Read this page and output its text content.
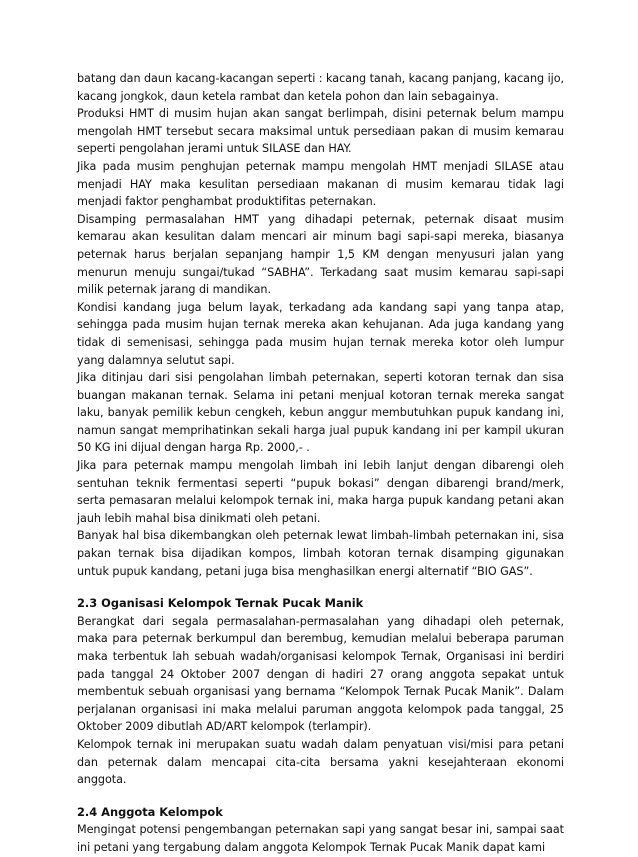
batang dan daun kacang-kacangan seperti : kacang tanah, kacang panjang, kacang ijo, kacang jongkok, daun ketela rambat dan ketela pohon dan lain sebagainya.

Produksi HMT di musim hujan akan sangat berlimpah, disini peternak belum mampu mengolah HMT tersebut secara maksimal untuk persediaan pakan di musim kemarau seperti pengolahan jerami untuk SILASE dan HAY.

Jika pada musim penghujan peternak mampu mengolah HMT menjadi SILASE atau menjadi HAY maka kesulitan persediaan makanan di musim kemarau tidak lagi menjadi faktor penghambat produktifitas peternakan.

Disamping permasalahan HMT yang dihadapi peternak, peternak disaat musim kemarau akan kesulitan dalam mencari air minum bagi sapi-sapi mereka, biasanya peternak harus berjalan sepanjang hampir 1,5 KM dengan menyusuri jalan yang menurun menuju sungai/tukad “SABHA”. Terkadang saat musim kemarau sapi-sapi milik peternak jarang di mandikan.

Kondisi kandang juga belum layak, terkadang ada kandang sapi yang tanpa atap, sehingga pada musim hujan ternak mereka akan kehujanan. Ada juga kandang yang tidak di semenisasi, sehingga pada musim hujan ternak mereka kotor oleh lumpur yang dalamnya selutut sapi.

Jika ditinjau dari sisi pengolahan limbah peternakan, seperti kotoran ternak dan sisa buangan makanan ternak. Selama ini petani menjual kotoran ternak mereka sangat laku, banyak pemilik kebun cengkeh, kebun anggur membutuhkan pupuk kandang ini, namun sangat memprihatinkan sekali harga jual pupuk kandang ini per kampil ukuran 50 KG ini dijual dengan harga Rp. 2000,- .

Jika para peternak mampu mengolah limbah ini lebih lanjut dengan dibarengi oleh sentuhan teknik fermentasi seperti “pupuk bokasi” dengan dibarengi brand/merk, serta pemasaran melalui kelompok ternak ini, maka harga pupuk kandang petani akan jauh lebih mahal bisa dinikmati oleh petani.

Banyak hal bisa dikembangkan oleh peternak lewat limbah-limbah peternakan ini, sisa pakan ternak bisa dijadikan kompos, limbah kotoran ternak disamping gigunakan untuk pupuk kandang, petani juga bisa menghasilkan energi alternatif “BIO GAS”.

2.3 Oganisasi Kelompok Ternak Pucak Manik

Berangkat dari segala permasalahan-permasalahan yang dihadapi oleh peternak, maka para peternak berkumpul dan berembug, kemudian melalui beberapa paruman maka terbentuk lah sebuah wadah/organisasi kelompok Ternak, Organisasi ini berdiri pada tanggal 24 Oktober 2007 dengan di hadiri 27 orang anggota sepakat untuk membentuk sebuah organisasi yang bernama “Kelompok Ternak Pucak Manik”. Dalam perjalanan organisasi ini maka melalui paruman anggota kelompok pada tanggal, 25 Oktober 2009 dibutlah AD/ART kelompok (terlampir).

Kelompok ternak ini merupakan suatu wadah dalam penyatuan visi/misi para petani dan peternak dalam mencapai cita-cita bersama yakni kesejahteraan ekonomi anggota.

2.4 Anggota Kelompok

Mengingat potensi pengembangan peternakan sapi yang sangat besar ini, sampai saat ini petani yang tergabung dalam anggota Kelompok Ternak Pucak Manik dapat kami
